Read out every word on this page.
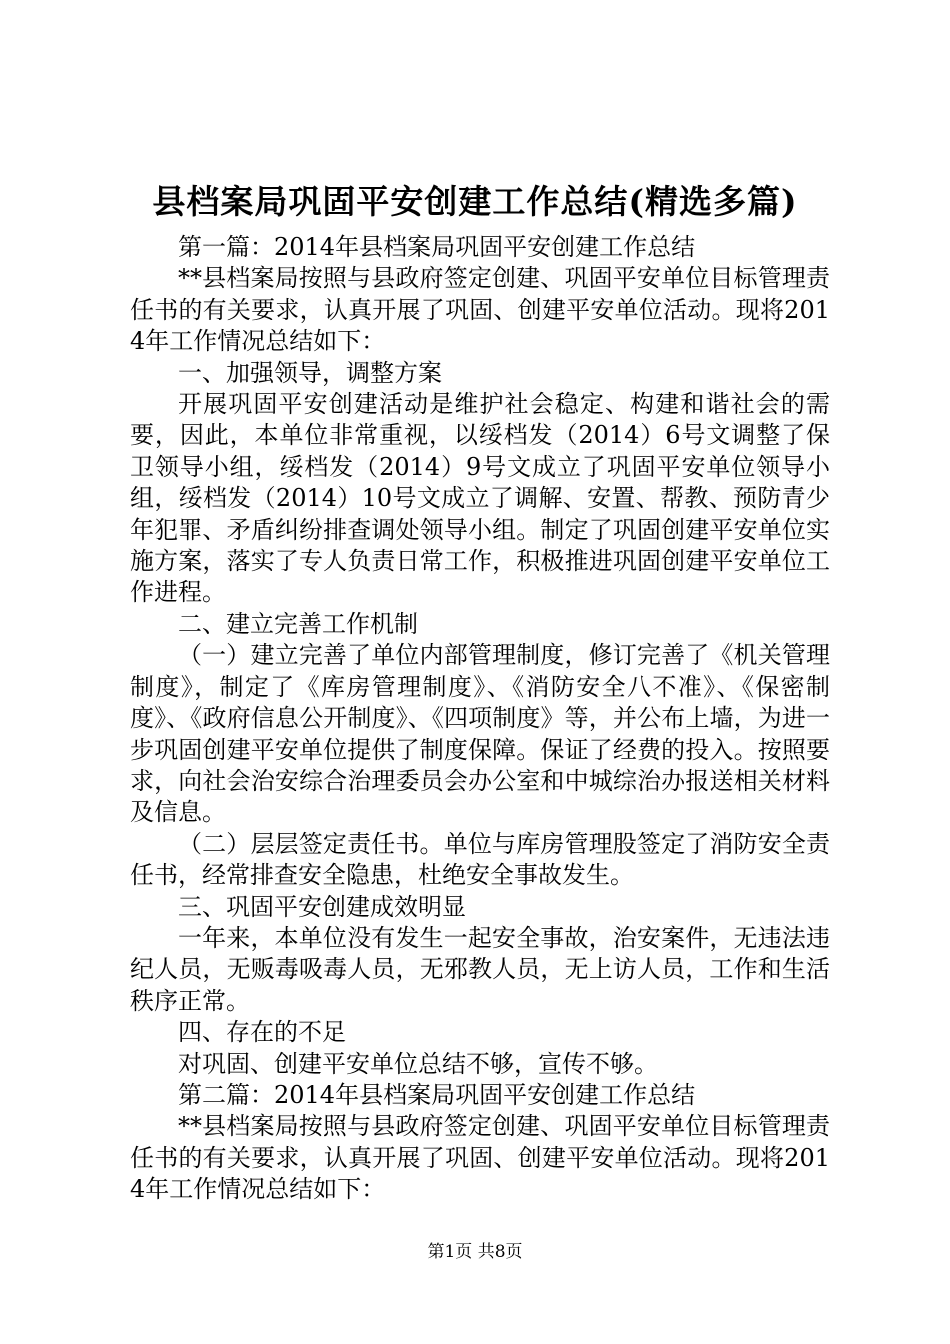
县档案局巩固平安创建工作总结(精选多篇)

第一篇：2014年县档案局巩固平安创建工作总结

**县档案局按照与县政府签定创建、巩固平安单位目标管理责任书的有关要求，认真开展了巩固、创建平安单位活动。现将2014年工作情况总结如下：

一、加强领导，调整方案

开展巩固平安创建活动是维护社会稳定、构建和谐社会的需要，因此，本单位非常重视，以绥档发（2014）6号文调整了保卫领导小组，绥档发（2014）9号文成立了巩固平安单位领导小组，绥档发（2014）10号文成立了调解、安置、帮教、预防青少年犯罪、矛盾纠纷排查调处领导小组。制定了巩固创建平安单位实施方案，落实了专人负责日常工作，积极推进巩固创建平安单位工作进程。

二、建立完善工作机制

（一）建立完善了单位内部管理制度，修订完善了《机关管理制度》，制定了《库房管理制度》、《消防安全八不准》、《保密制度》、《政府信息公开制度》、《四项制度》等，并公布上墙，为进一步巩固创建平安单位提供了制度保障。保证了经费的投入。按照要求，向社会治安综合治理委员会办公室和中城综治办报送相关材料及信息。

（二）层层签定责任书。单位与库房管理股签定了消防安全责任书，经常排查安全隐患，杜绝安全事故发生。

三、巩固平安创建成效明显

一年来，本单位没有发生一起安全事故，治安案件，无违法违纪人员，无贩毒吸毒人员，无邪教人员，无上访人员，工作和生活秩序正常。

四、存在的不足

对巩固、创建平安单位总结不够，宣传不够。

第二篇：2014年县档案局巩固平安创建工作总结

**县档案局按照与县政府签定创建、巩固平安单位目标管理责任书的有关要求，认真开展了巩固、创建平安单位活动。现将2014年工作情况总结如下：

第1页 共8页
